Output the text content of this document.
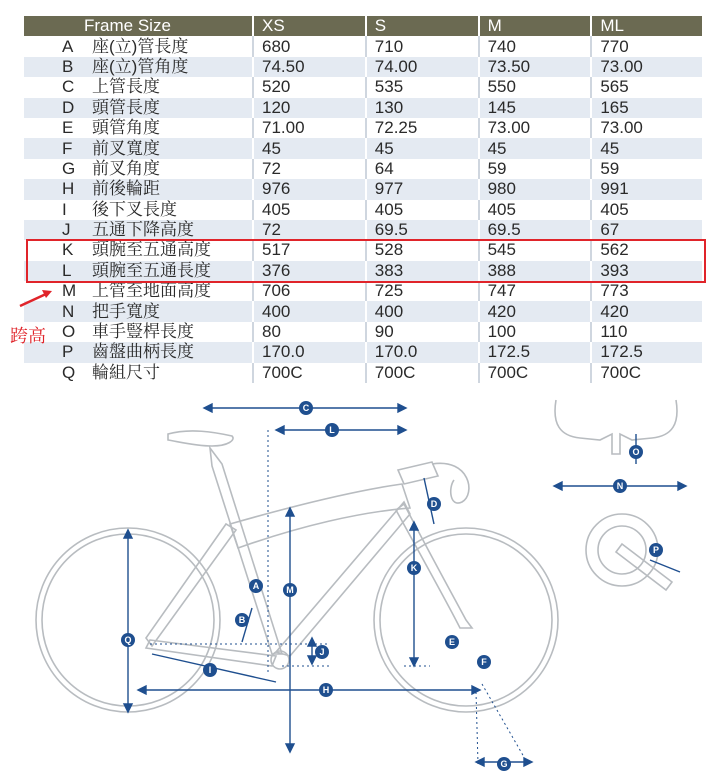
	Frame Size	XS	S	M	ML
A	座(立)管長度	680	710	740	770
B	座(立)管角度	74.50	74.00	73.50	73.00
C	上管長度	520	535	550	565
D	頭管長度	120	130	145	165
E	頭管角度	71.00	72.25	73.00	73.00
F	前叉寬度	45	45	45	45
G	前叉角度	72	64	59	59
H	前後輪距	976	977	980	991
I	後下叉長度	405	405	405	405
J	五通下降高度	72	69.5	69.5	67
K	頭腕至五通高度	517	528	545	562
L	頭腕至五通長度	376	383	388	393
M	上管至地面高度	706	725	747	773
N	把手寬度	400	400	420	420
O	車手豎桿長度	80	90	100	110
P	齒盤曲柄長度	170.0	170.0	172.5	172.5
Q	輪組尺寸	700C	700C	700C	700C
跨高
A
B
C
D
E
F
G
H
I
J
K
L
M
N
O
P
Q
